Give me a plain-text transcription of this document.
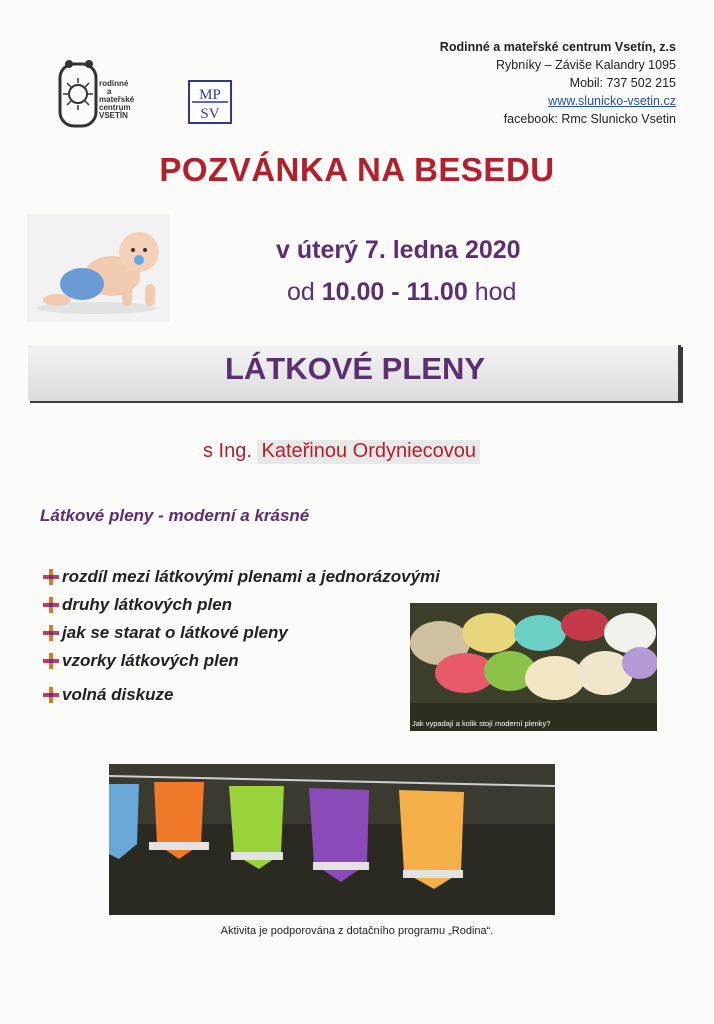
rodinné
a
mateřské
centrum
VSETÍN
MP
SV
Rodinné a mateřské centrum Vsetín, z.s
Rybníky – Záviše Kalandry 1095
Mobil: 737 502 215
www.slunicko-vsetin.cz
facebook: Rmc Slunicko Vsetin
POZVÁNKA NA BESEDU
v úterý 7. ledna 2020
od 10.00 - 11.00 hod
LÁTKOVÉ PLENY
s Ing. Kateřinou Ordyniecovou
Látkové pleny - moderní a krásné
rozdíl mezi látkovými plenami a jednorázovými
druhy látkových plen
jak se starat o látkové pleny
vzorky látkových plen
volná diskuze
Jak vypadají a kolik stojí moderní plenky?
Aktivita je podporována z dotačního programu „Rodina“.
